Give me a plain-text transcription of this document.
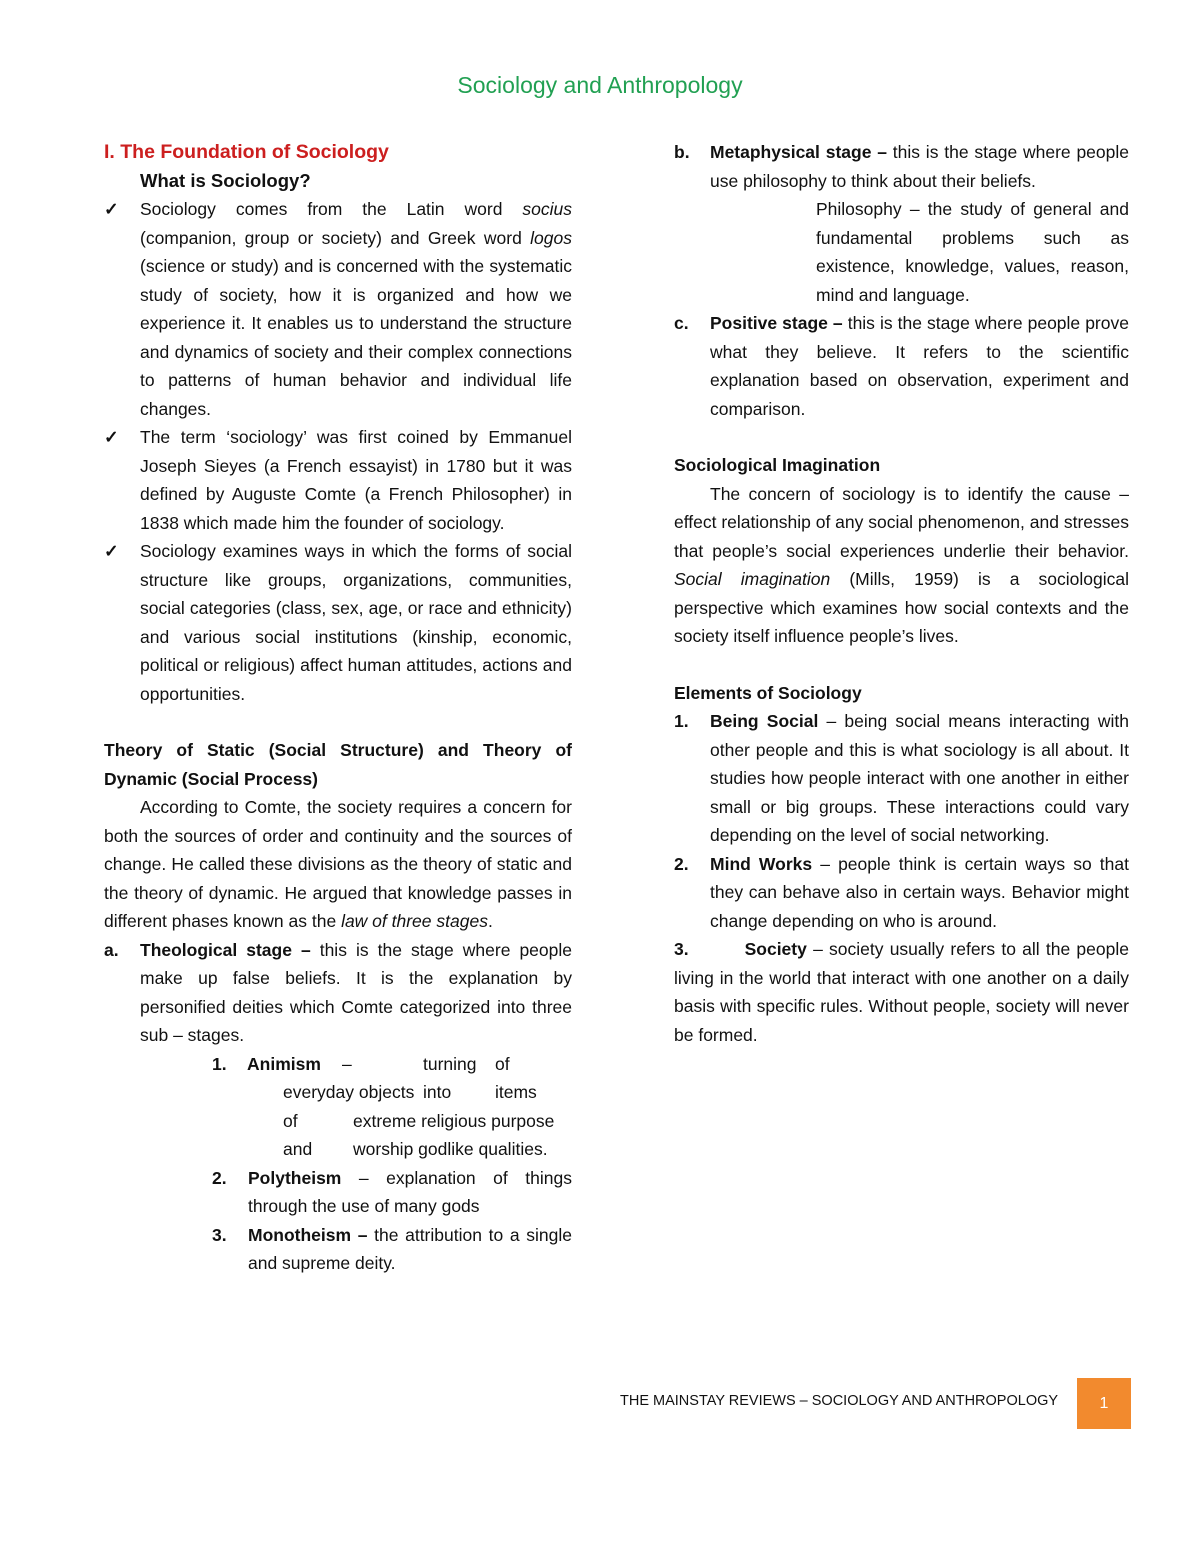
Sociology and Anthropology
I. The Foundation of Sociology
What is Sociology?
✓ Sociology comes from the Latin word socius (companion, group or society) and Greek word logos (science or study) and is concerned with the systematic study of society, how it is organized and how we experience it. It enables us to understand the structure and dynamics of society and their complex connections to patterns of human behavior and individual life changes.
✓ The term ‘sociology’ was first coined by Emmanuel Joseph Sieyes (a French essayist) in 1780 but it was defined by Auguste Comte (a French Philosopher) in 1838 which made him the founder of sociology.
✓ Sociology examines ways in which the forms of social structure like groups, organizations, communities, social categories (class, sex, age, or race and ethnicity) and various social institutions (kinship, economic, political or religious) affect human attitudes, actions and opportunities.
Theory of Static (Social Structure) and Theory of Dynamic (Social Process)
According to Comte, the society requires a concern for both the sources of order and continuity and the sources of change. He called these divisions as the theory of static and the theory of dynamic. He argued that knowledge passes in different phases known as the law of three stages.
a. Theological stage – this is the stage where people make up false beliefs. It is the explanation by personified deities which Comte categorized into three sub – stages.
1. Animism –	turning of
everyday objects into	items
of	extreme religious purpose
and worship godlike qualities.
2. Polytheism – explanation of things through the use of many gods
3. Monotheism – the attribution to a single and supreme deity.
b. Metaphysical stage – this is the stage where people use philosophy to think about their beliefs.
Philosophy – the study of general and fundamental problems such as existence, knowledge, values, reason, mind and language.
c. Positive stage – this is the stage where people prove what they believe. It refers to the scientific explanation based on observation, experiment and comparison.
Sociological Imagination
The concern of sociology is to identify the cause – effect relationship of any social phenomenon, and stresses that people’s social experiences underlie their behavior. Social imagination (Mills, 1959) is a sociological perspective which examines how social contexts and the society itself influence people’s lives.
Elements of Sociology
1. Being Social – being social means interacting with other people and this is what sociology is all about. It studies how people interact with one another in either small or big groups. These interactions could vary depending on the level of social networking.
2. Mind Works – people think is certain ways so that they can behave also in certain ways. Behavior might change depending on who is around.
3.	Society – society usually refers to all the people living in the world that interact with one another on a daily basis with specific rules. Without people, society will never be formed.
THE MAINSTAY REVIEWS – SOCIOLOGY AND ANTHROPOLOGY	1
